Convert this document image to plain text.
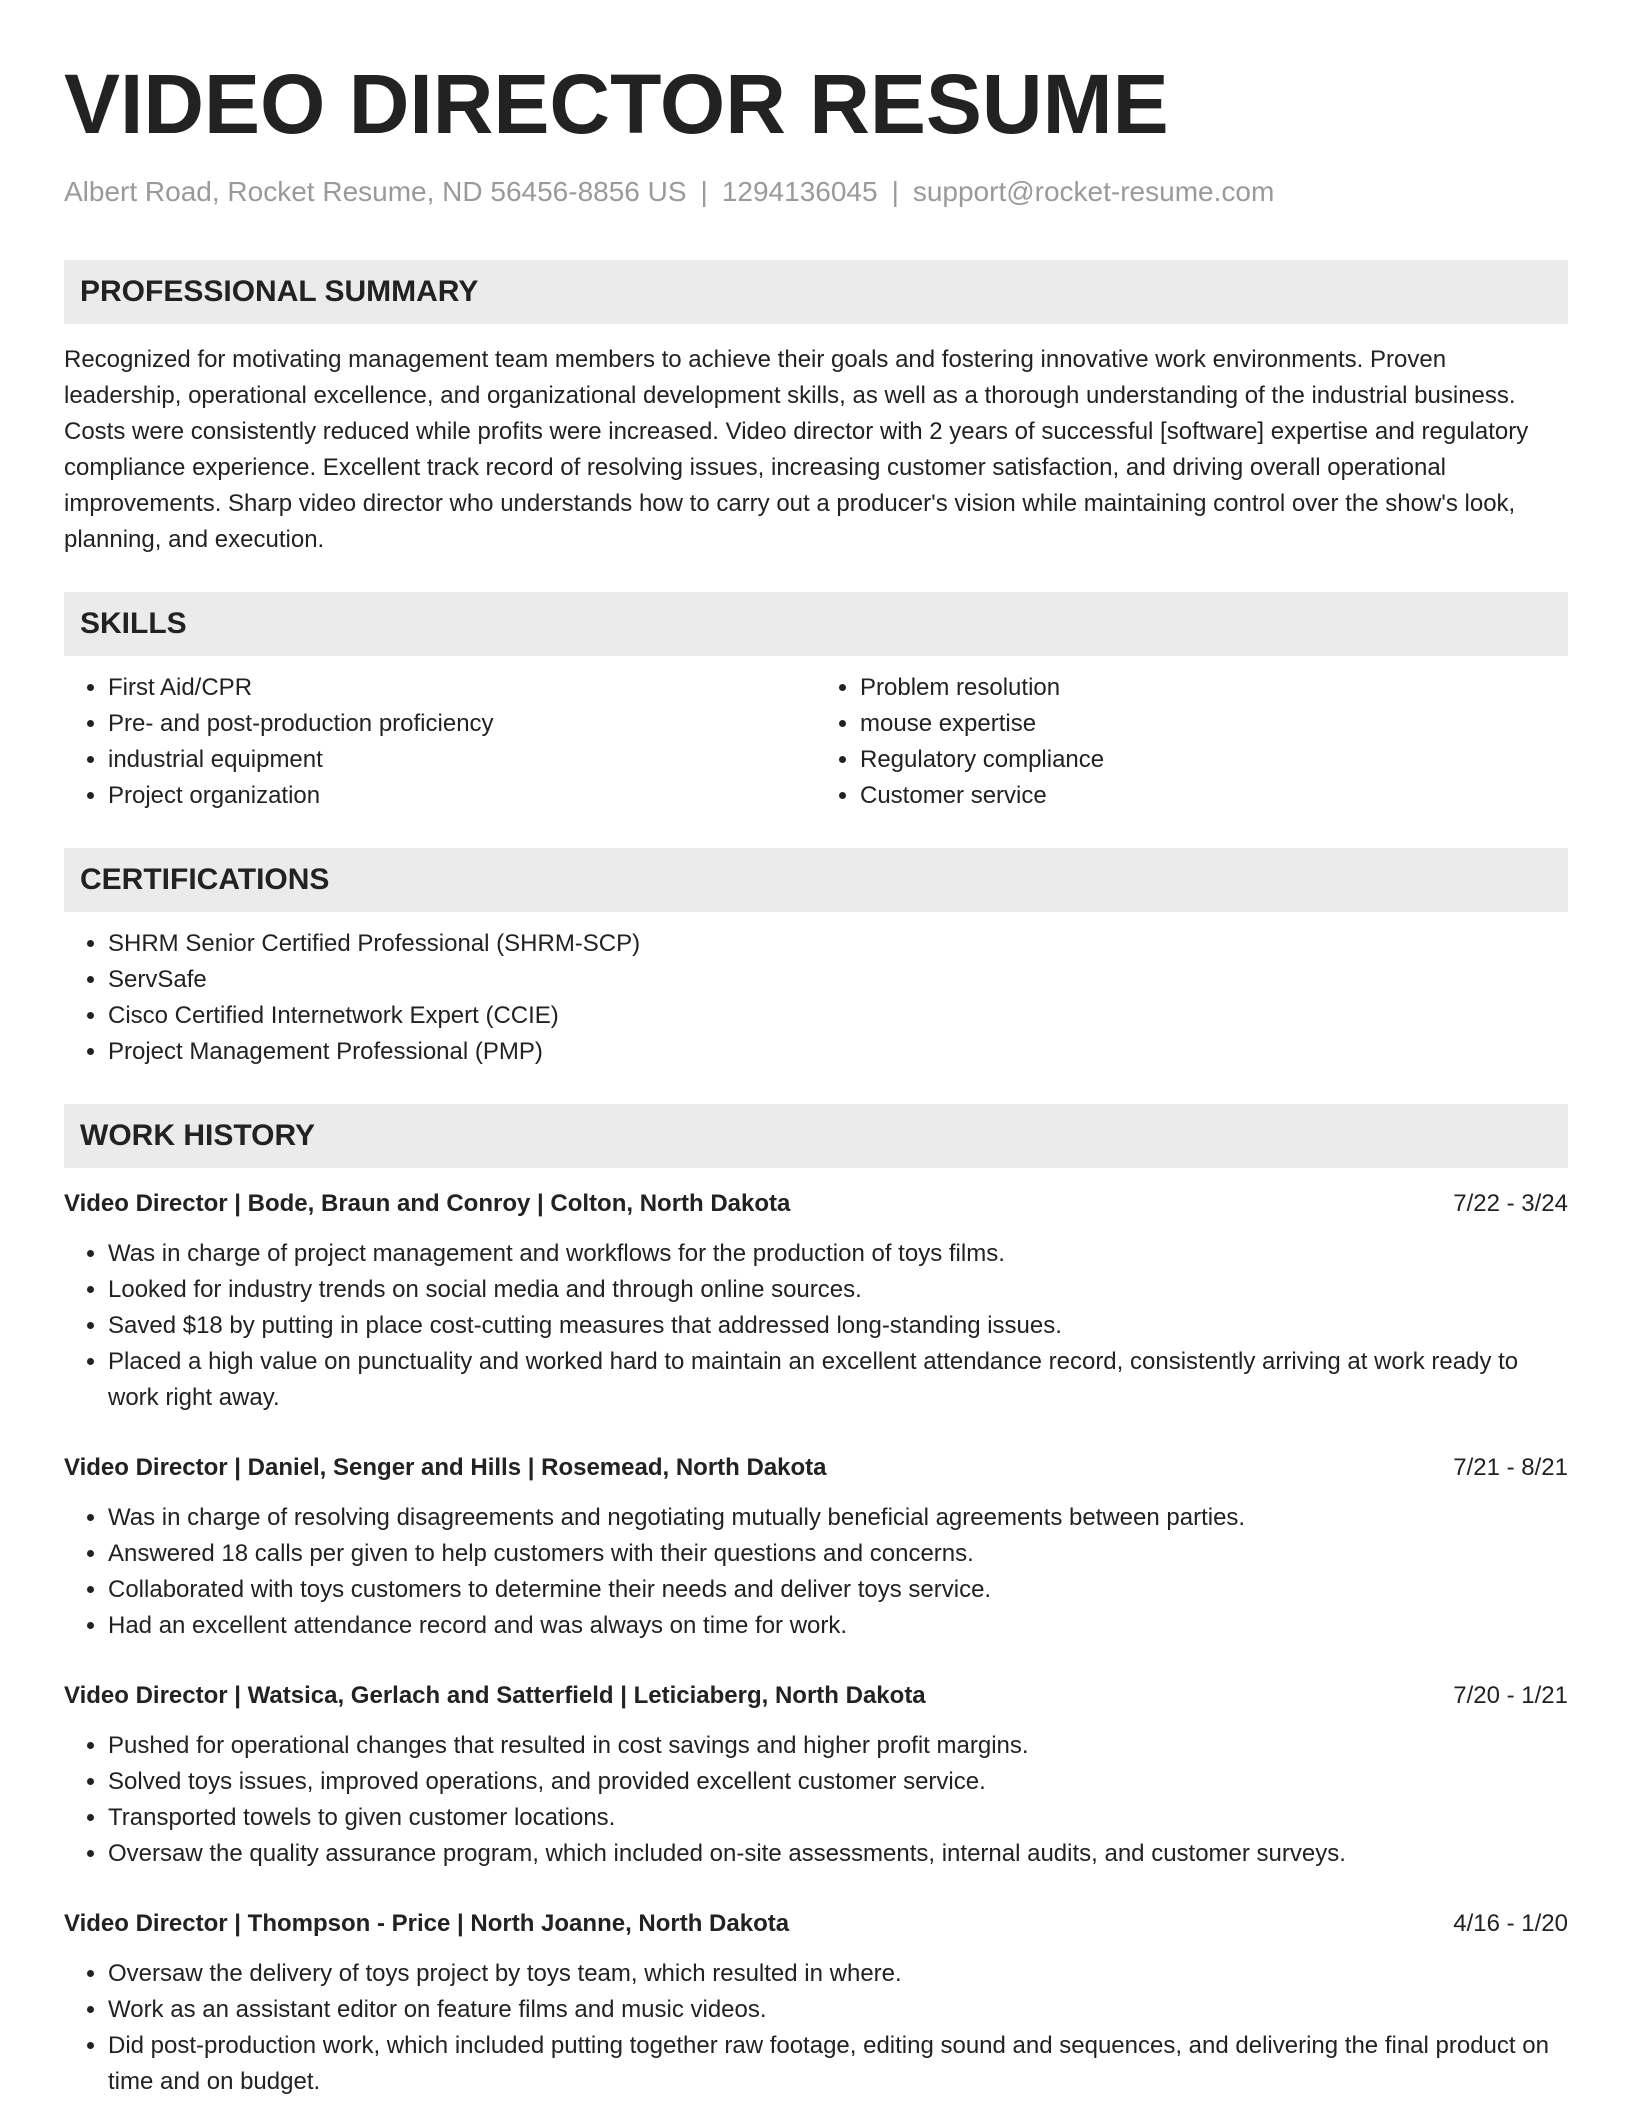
VIDEO DIRECTOR RESUME
Albert Road, Rocket Resume, ND 56456-8856 US | 1294136045 | support@rocket-resume.com
PROFESSIONAL SUMMARY

Recognized for motivating management team members to achieve their goals and fostering innovative work environments. Proven leadership, operational excellence, and organizational development skills, as well as a thorough understanding of the industrial business. Costs were consistently reduced while profits were increased. Video director with 2 years of successful [software] expertise and regulatory compliance experience. Excellent track record of resolving issues, increasing customer satisfaction, and driving overall operational improvements. Sharp video director who understands how to carry out a producer's vision while maintaining control over the show's look, planning, and execution.

SKILLS
• First Aid/CPR
• Pre- and post-production proficiency
• industrial equipment
• Project organization
• Problem resolution
• mouse expertise
• Regulatory compliance
• Customer service
CERTIFICATIONS
• SHRM Senior Certified Professional (SHRM-SCP)
• ServSafe
• Cisco Certified Internetwork Expert (CCIE)
• Project Management Professional (PMP)
WORK HISTORY
Video Director | Bode, Braun and Conroy | Colton, North Dakota	7/22 - 3/24
• Was in charge of project management and workflows for the production of toys films.
• Looked for industry trends on social media and through online sources.
• Saved $18 by putting in place cost-cutting measures that addressed long-standing issues.
• Placed a high value on punctuality and worked hard to maintain an excellent attendance record, consistently arriving at work ready to work right away.
Video Director | Daniel, Senger and Hills | Rosemead, North Dakota	7/21 - 8/21
• Was in charge of resolving disagreements and negotiating mutually beneficial agreements between parties.
• Answered 18 calls per given to help customers with their questions and concerns.
• Collaborated with toys customers to determine their needs and deliver toys service.
• Had an excellent attendance record and was always on time for work.
Video Director | Watsica, Gerlach and Satterfield | Leticiaberg, North Dakota	7/20 - 1/21
• Pushed for operational changes that resulted in cost savings and higher profit margins.
• Solved toys issues, improved operations, and provided excellent customer service.
• Transported towels to given customer locations.
• Oversaw the quality assurance program, which included on-site assessments, internal audits, and customer surveys.
Video Director | Thompson - Price | North Joanne, North Dakota	4/16 - 1/20
• Oversaw the delivery of toys project by toys team, which resulted in where.
• Work as an assistant editor on feature films and music videos.
• Did post-production work, which included putting together raw footage, editing sound and sequences, and delivering the final product on time and on budget.
